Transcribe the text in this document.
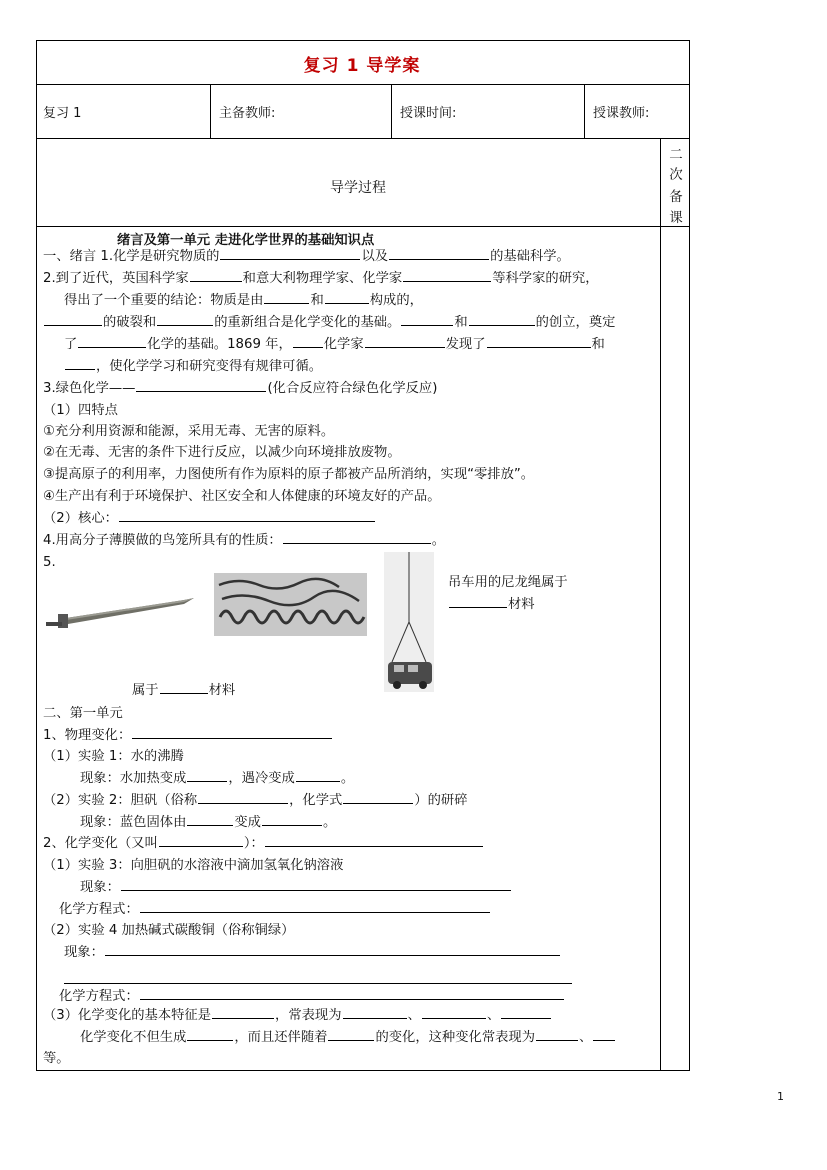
复习 1 导学案
复习 1	主备教师:	授课时间:	授课教师:
导学过程
二
次
备
课
绪言及第一单元 走进化学世界的基础知识点
一、绪言 1.化学是研究物质的	以及	的基础科学。
2.到了近代，英国科学家	和意大利物理学家、化学家	等科学家的研究，
得出了一个重要的结论：物质是由	和	构成的，
的破裂和	的重新组合是化学变化的基础。	和	的创立，奠定
了	化学的基础。1869 年， 化学家	发现了	和
，使化学学习和研究变得有规律可循。
3.绿色化学——	(化合反应符合绿色化学反应)
（1）四特点
①充分利用资源和能源，采用无毒、无害的原料。
②在无毒、无害的条件下进行反应，以减少向环境排放废物。
③提高原子的利用率，力图使所有作为原料的原子都被产品所消纳，实现“零排放”。
④生产出有利于环境保护、社区安全和人体健康的环境友好的产品。
（2）核心：
4.用高分子薄膜做的鸟笼所具有的性质：	。
5.
吊车用的尼龙绳属于
材料
属于	材料
二、第一单元
1、物理变化：
（1）实验 1：水的沸腾
现象：水加热变成	，遇冷变成	。
（2）实验 2：胆矾（俗称	，化学式	）的研碎
现象：蓝色固体由	变成	。
2、化学变化（又叫	）：
（1）实验 3：向胆矾的水溶液中滴加氢氧化钠溶液
现象：
化学方程式：
（2）实验 4 加热碱式碳酸铜（俗称铜绿）
现象：
化学方程式：
（3）化学变化的基本特征是	，常表现为	、	、
化学变化不但生成	，而且还伴随着	的变化，这种变化常表现为	、
等。
1
